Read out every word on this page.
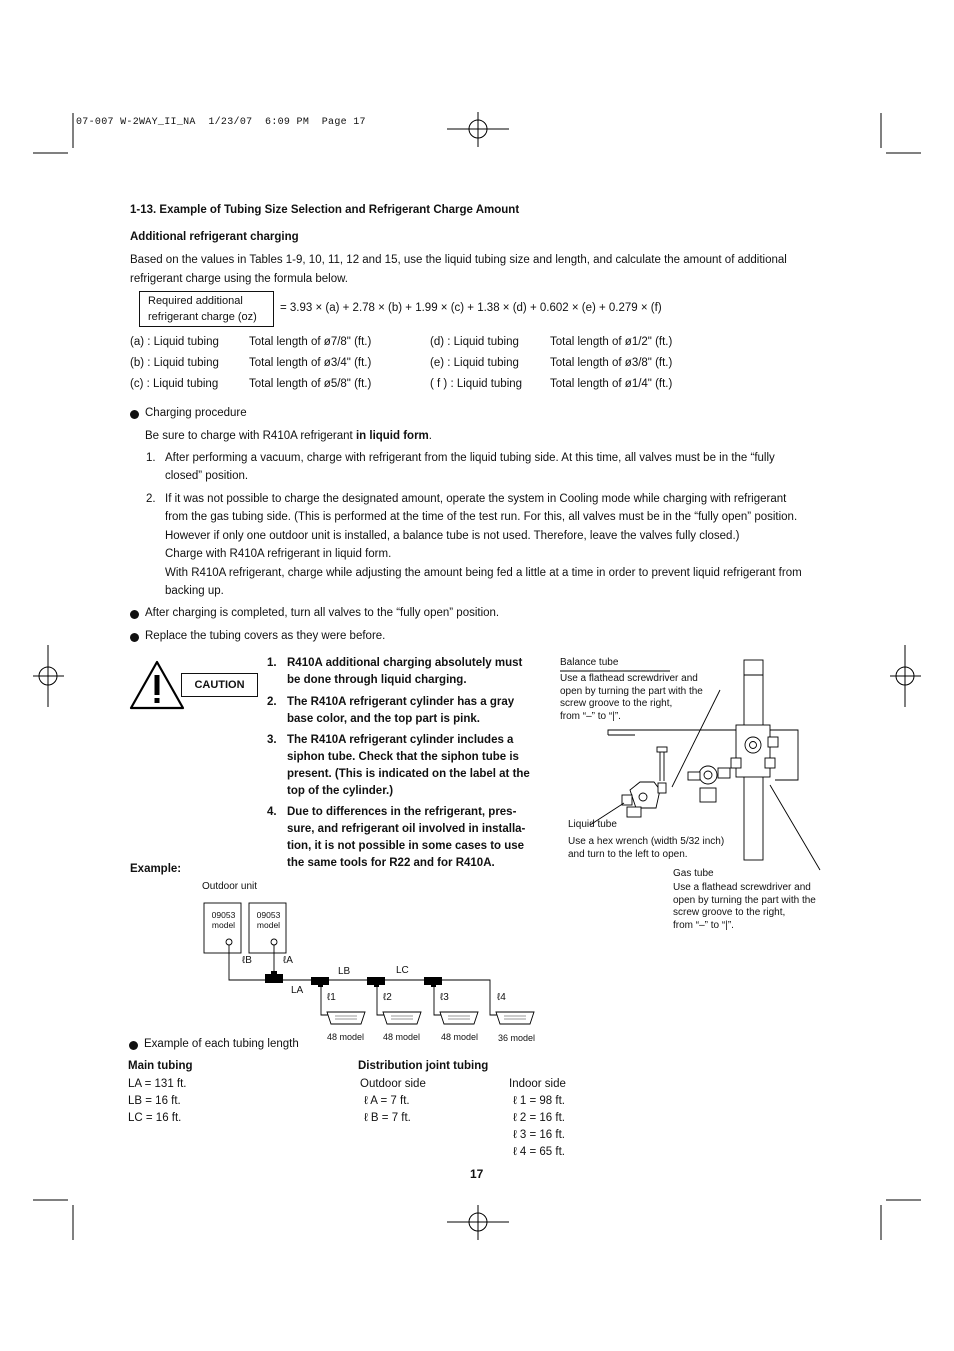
07-007 W-2WAY_II_NA  1/23/07  6:09 PM  Page 17
1-13. Example of Tubing Size Selection and Refrigerant Charge Amount
Additional refrigerant charging
Based on the values in Tables 1-9, 10, 11, 12 and 15, use the liquid tubing size and length, and calculate the amount of additional
refrigerant charge using the formula below.
Required additional
refrigerant charge (oz)
= 3.93 × (a) + 2.78 × (b) + 1.99 × (c) + 1.38 × (d) + 0.602 × (e) + 0.279 × (f)
(a) : Liquid tubing	Total length of ø7/8" (ft.)
(b) : Liquid tubing	Total length of ø3/4" (ft.)
(c) : Liquid tubing	Total length of ø5/8" (ft.)
(d) : Liquid tubing	Total length of ø1/2" (ft.)
(e) : Liquid tubing	Total length of ø3/8" (ft.)
( f ) : Liquid tubing Total length of ø1/4" (ft.)
Charging procedure
Be sure to charge with R410A refrigerant in liquid form.
1. After performing a vacuum, charge with refrigerant from the liquid tubing side. At this time, all valves must be in the “fully
closed” position.
2. If it was not possible to charge the designated amount, operate the system in Cooling mode while charging with refrigerant
from the gas tubing side. (This is performed at the time of the test run. For this, all valves must be in the “fully open” position.
However if only one outdoor unit is installed, a balance tube is not used. Therefore, leave the valves fully closed.)
Charge with R410A refrigerant in liquid form.
With R410A refrigerant, charge while adjusting the amount being fed a little at a time in order to prevent liquid refrigerant from
backing up.
After charging is completed, turn all valves to the “fully open” position.
Replace the tubing covers as they were before.
CAUTION
1. R410A additional charging absolutely must
be done through liquid charging.
2. The R410A refrigerant cylinder has a gray
base color, and the top part is pink.
3. The R410A refrigerant cylinder includes a
siphon tube. Check that the siphon tube is
present. (This is indicated on the label at the
top of the cylinder.)
4. Due to differences in the refrigerant, pres-
sure, and refrigerant oil involved in installa-
tion, it is not possible in some cases to use
the same tools for R22 and for R410A.
Balance tube
Use a flathead screwdriver and
open by turning the part with the
screw groove to the right,
from “–” to “|”.
Liquid tube
Use a hex wrench (width 5/32 inch)
and turn to the left to open.
Gas tube
Use a flathead screwdriver and
open by turning the part with the
screw groove to the right,
from “–” to “|”.
Example:
Outdoor unit
09053
model
09053
model
ℓB	ℓA
LB	LC
LA
ℓ1	ℓ2	ℓ3	ℓ4
48 model 48 model 48 model 36 model
Example of each tubing length
Main tubing
LA = 131 ft.
LB = 16 ft.
LC = 16 ft.
Distribution joint tubing
Outdoor side
ℓ A = 7 ft.
ℓ B = 7 ft.
Indoor side
ℓ 1 = 98 ft.
ℓ 2 = 16 ft.
ℓ 3 = 16 ft.
ℓ 4 = 65 ft.
17
